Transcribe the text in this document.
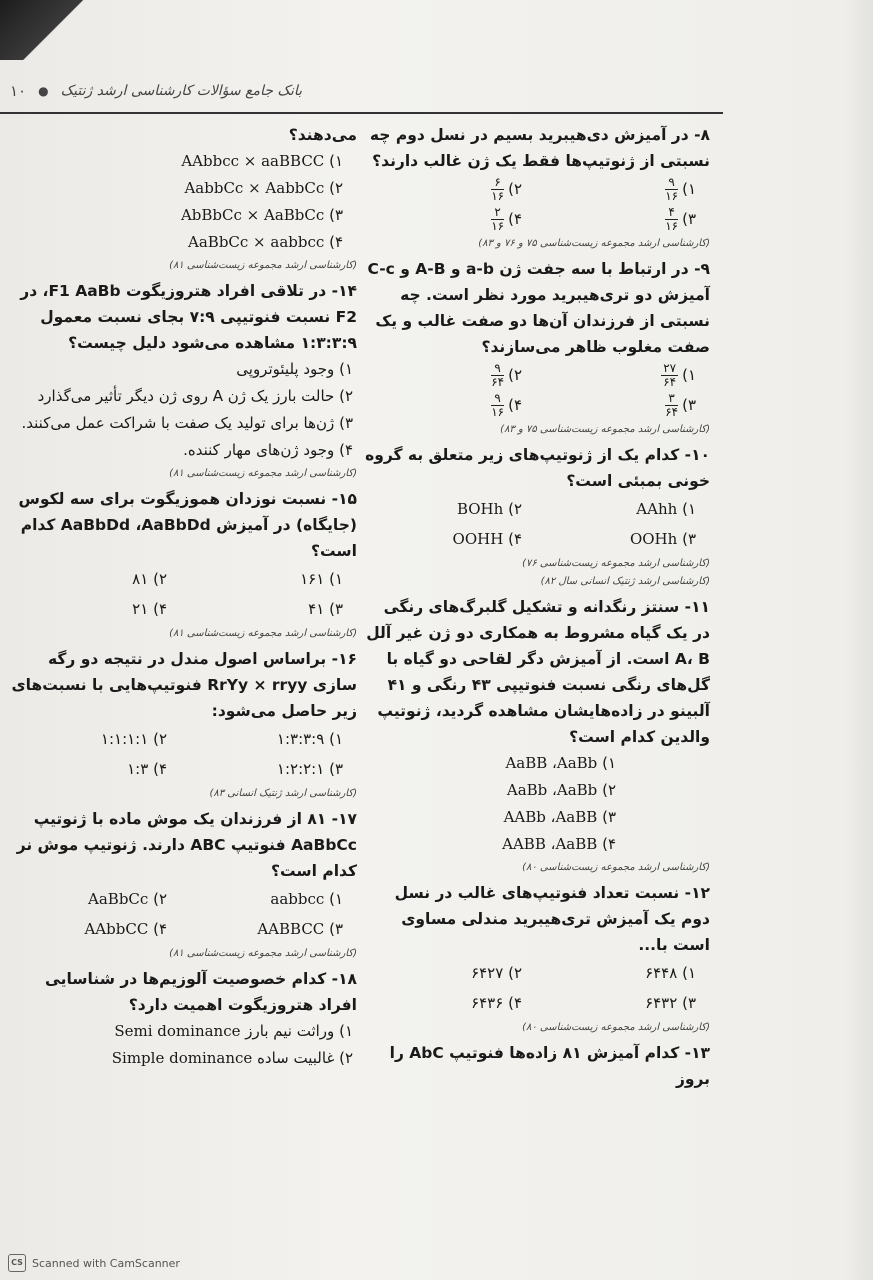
۱۰ ● بانک جامع سؤالات کارشناسی ارشد ژنتیک
۸- در آمیزش دی‌هیبرید بسیم در نسل دوم چه نسبتی از ژنوتیپ‌ها فقط یک ژن غالب دارند؟
۱)
$\frac{۹}{۱۶}$
۲)
$\frac{۶}{۱۶}$
۳)
$\frac{۴}{۱۶}$
۴)
$\frac{۲}{۱۶}$
(کارشناسی ارشد مجموعه زیست‌شناسی ۷۵ و ۷۶ و ۸۳)
۹- در ارتباط با سه جفت ژن a-b و A-B و C-c آمیزش دو تری‌هیبرید مورد نظر است. چه نسبتی از فرزندان آن‌ها دو صفت غالب و یک صفت مغلوب ظاهر می‌سازند؟
۱)
$\frac{۲۷}{۶۴}$
۲)
$\frac{۹}{۶۴}$
۳)
$\frac{۳}{۶۴}$
۴)
$\frac{۹}{۱۶}$
(کارشناسی ارشد مجموعه زیست‌شناسی ۷۵ و ۸۳)
۱۰- کدام یک از ژنوتیپ‌های زیر متعلق به گروه خونی بمبئی است؟
۱) AAhh
۲) BOHh
۳) OOHh
۴) OOHH
(کارشناسی ارشد مجموعه زیست‌شناسی ۷۶)
(کارشناسی ارشد ژنتیک انسانی سال ۸۲)
۱۱- سنتز رنگدانه و تشکیل گلبرگ‌های رنگی در یک گیاه مشروط به همکاری دو ژن غیر آلل A، B است. از آمیزش دگر لقاحی دو گیاه با گل‌های رنگی نسبت فنوتیپی ۴۳ رنگی و ۴۱ آلبینو در زاده‌هایشان مشاهده گردید، ژنوتیپ والدین کدام است؟
۱) AaBB ،AaBb
۲) AaBb ،AaBb
۳) AABb ،AaBB
۴) AABB ،AaBB
(کارشناسی ارشد مجموعه زیست‌شناسی ۸۰)
۱۲- نسبت تعداد فنوتیپ‌های غالب در نسل دوم یک آمیزش تری‌هیبرید مندلی مساوی است با...
۱) ۶۴۴۸
۲) ۶۴۲۷
۳) ۶۴۳۲
۴) ۶۴۳۶
(کارشناسی ارشد مجموعه زیست‌شناسی ۸۰)
۱۳- کدام آمیزش ۸۱ زاده‌ها فنوتیپ AbC را بروز
می‌دهند؟
۱) AAbbcc × aaBBCC
۲) AabbCc × AabbCc
۳) AbBbCc × AaBbCc
۴) AaBbCc × aabbcc
(کارشناسی ارشد مجموعه زیست‌شناسی ۸۱)
۱۴- در تلاقی افراد هتروزیگوت F1 AaBb، در F2 نسبت فنوتیپی ۷:۹ بجای نسبت معمول ۱:۳:۳:۹ مشاهده می‌شود دلیل چیست؟
۱) وجود پلیئوتروپی
۲) حالت بارز یک ژن A روی ژن دیگر تأثیر می‌گذارد
۳) ژن‌ها برای تولید یک صفت با شراکت عمل می‌کنند.
۴) وجود ژن‌های مهار کننده.
(کارشناسی ارشد مجموعه زیست‌شناسی ۸۱)
۱۵- نسبت نوزدان هموزیگوت برای سه لکوس (جایگاه) در آمیزش AaBbDd ،AaBbDd کدام است؟
۱) ۱۶۱
۲) ۸۱
۳) ۴۱
۴) ۲۱
(کارشناسی ارشد مجموعه زیست‌شناسی ۸۱)
۱۶- براساس اصول مندل در نتیجه دو رگه سازی RrYy × rryy فنوتیپ‌هایی با نسبت‌های زیر حاصل می‌شود:
۱) ۱:۳:۳:۹
۲) ۱:۱:۱:۱
۳) ۱:۲:۲:۱
۴) ۱:۳
(کارشناسی ارشد ژنتیک انسانی ۸۳)
۱۷- ۸۱ از فرزندان یک موش ماده با ژنوتیپ AaBbCc فنوتیپ ABC دارند. ژنوتیپ موش نر کدام است؟
۱) aabbcc
۲) AaBbCc
۳) AABBCC
۴) AAbbCC
(کارشناسی ارشد مجموعه زیست‌شناسی ۸۱)
۱۸- کدام خصوصیت آلوزیم‌ها در شناسایی افراد هتروزیگوت اهمیت دارد؟
۱) وراثت نیم بارز Semi dominance
۲) غالبیت ساده Simple dominance
CS Scanned with CamScanner
